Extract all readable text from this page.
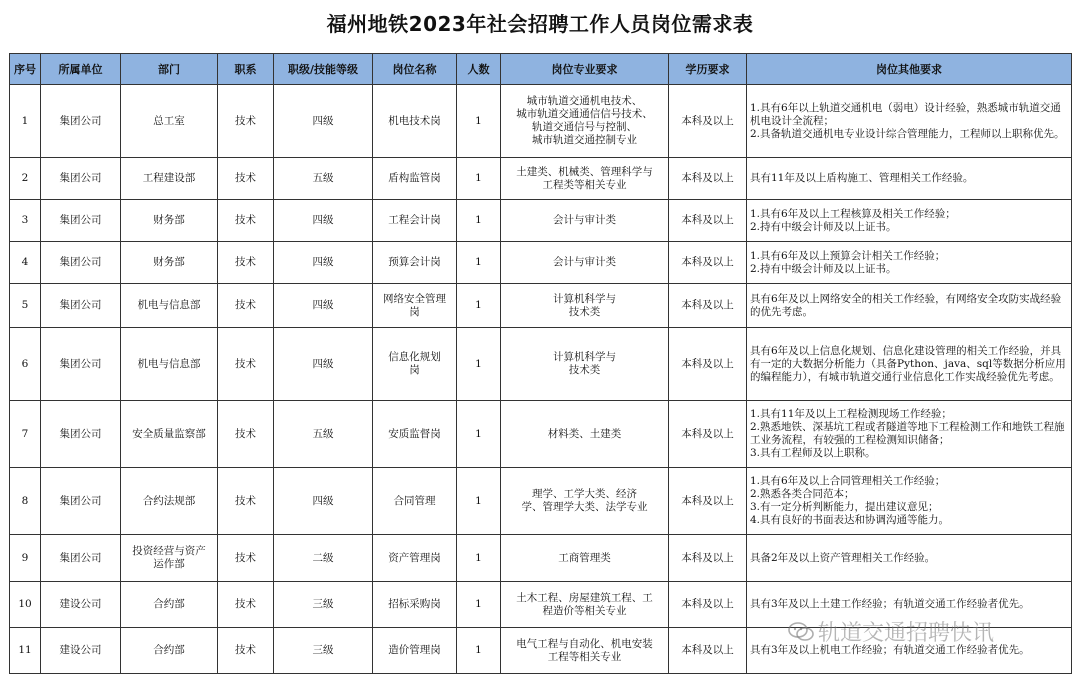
福州地铁2023年社会招聘工作人员岗位需求表
序号	所属单位	部门	职系	职级/技能等级	岗位名称	人数	岗位专业要求	学历要求	岗位其他要求
1	集团公司	总工室	技术	四级	机电技术岗	1	城市轨道交通机电技术、
城市轨道交通通信信号技术、
轨道交通信号与控制、
城市轨道交通控制专业	本科及以上	1.具有6年以上轨道交通机电（弱电）设计经验，熟悉城市轨道交通机电设计全流程；
2.具备轨道交通机电专业设计综合管理能力，工程师以上职称优先。
2	集团公司	工程建设部	技术	五级	盾构监管岗	1	土建类、机械类、管理科学与
工程类等相关专业	本科及以上	具有11年及以上盾构施工、管理相关工作经验。
3	集团公司	财务部	技术	四级	工程会计岗	1	会计与审计类	本科及以上	1.具有6年及以上工程核算及相关工作经验；
2.持有中级会计师及以上证书。
4	集团公司	财务部	技术	四级	预算会计岗	1	会计与审计类	本科及以上	1.具有6年及以上预算会计相关工作经验；
2.持有中级会计师及以上证书。
5	集团公司	机电与信息部	技术	四级	网络安全管理
岗	1	计算机科学与
技术类	本科及以上	具有6年及以上网络安全的相关工作经验，有网络安全攻防实战经验的优先考虑。
6	集团公司	机电与信息部	技术	四级	信息化规划
岗	1	计算机科学与
技术类	本科及以上	具有6年及以上信息化规划、信息化建设管理的相关工作经验，并具有一定的大数据分析能力（具备Python、java、sql等数据分析应用的编程能力），有城市轨道交通行业信息化工作实战经验优先考虑。
7	集团公司	安全质量监察部	技术	五级	安质监督岗	1	材料类、土建类	本科及以上	1.具有11年及以上工程检测现场工作经验；
2.熟悉地铁、深基坑工程或者隧道等地下工程检测工作和地铁工程施工业务流程，有较强的工程检测知识储备；
3.具有工程师及以上职称。
8	集团公司	合约法规部	技术	四级	合同管理	1	理学、工学大类、经济
学、管理学大类、法学专业	本科及以上	1.具有6年及以上合同管理相关工作经验；
2.熟悉各类合同范本；
3.有一定分析判断能力，提出建议意见；
4.具有良好的书面表达和协调沟通等能力。
9	集团公司	投资经营与资产
运作部	技术	二级	资产管理岗	1	工商管理类	本科及以上	具备2年及以上资产管理相关工作经验。
10	建设公司	合约部	技术	三级	招标采购岗	1	土木工程、房屋建筑工程、工
程造价等相关专业	本科及以上	具有3年及以上土建工作经验；有轨道交通工作经验者优先。
11	建设公司	合约部	技术	三级	造价管理岗	1	电气工程与自动化、机电安装
工程等相关专业	本科及以上	具有3年及以上机电工作经验；有轨道交通工作经验者优先。
轨道交通招聘快讯
